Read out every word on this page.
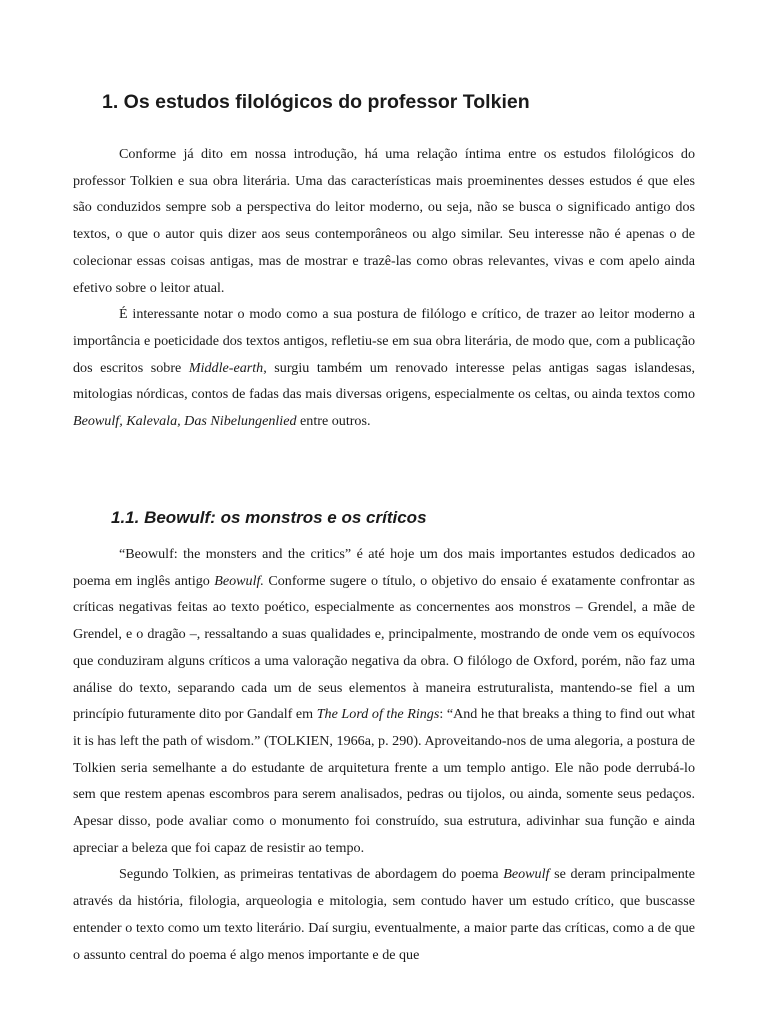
1. Os estudos filológicos do professor Tolkien

Conforme já dito em nossa introdução, há uma relação íntima entre os estudos filológicos do professor Tolkien e sua obra literária. Uma das características mais proeminentes desses estudos é que eles são conduzidos sempre sob a perspectiva do leitor moderno, ou seja, não se busca o significado antigo dos textos, o que o autor quis dizer aos seus contemporâneos ou algo similar. Seu interesse não é apenas o de colecionar essas coisas antigas, mas de mostrar e trazê-las como obras relevantes, vivas e com apelo ainda efetivo sobre o leitor atual.

É interessante notar o modo como a sua postura de filólogo e crítico, de trazer ao leitor moderno a importância e poeticidade dos textos antigos, refletiu-se em sua obra literária, de modo que, com a publicação dos escritos sobre Middle-earth, surgiu também um renovado interesse pelas antigas sagas islandesas, mitologias nórdicas, contos de fadas das mais diversas origens, especialmente os celtas, ou ainda textos como Beowulf, Kalevala, Das Nibelungenlied entre outros.

1.1. Beowulf: os monstros e os críticos

“Beowulf: the monsters and the critics” é até hoje um dos mais importantes estudos dedicados ao poema em inglês antigo Beowulf. Conforme sugere o título, o objetivo do ensaio é exatamente confrontar as críticas negativas feitas ao texto poético, especialmente as concernentes aos monstros – Grendel, a mãe de Grendel, e o dragão –, ressaltando a suas qualidades e, principalmente, mostrando de onde vem os equívocos que conduziram alguns críticos a uma valoração negativa da obra. O filólogo de Oxford, porém, não faz uma análise do texto, separando cada um de seus elementos à maneira estruturalista, mantendo-se fiel a um princípio futuramente dito por Gandalf em The Lord of the Rings: “And he that breaks a thing to find out what it is has left the path of wisdom.” (TOLKIEN, 1966a, p. 290). Aproveitando-nos de uma alegoria, a postura de Tolkien seria semelhante a do estudante de arquitetura frente a um templo antigo. Ele não pode derrubá-lo sem que restem apenas escombros para serem analisados, pedras ou tijolos, ou ainda, somente seus pedaços. Apesar disso, pode avaliar como o monumento foi construído, sua estrutura, adivinhar sua função e ainda apreciar a beleza que foi capaz de resistir ao tempo.

Segundo Tolkien, as primeiras tentativas de abordagem do poema Beowulf se deram principalmente através da história, filologia, arqueologia e mitologia, sem contudo haver um estudo crítico, que buscasse entender o texto como um texto literário. Daí surgiu, eventualmente, a maior parte das críticas, como a de que o assunto central do poema é algo menos importante e de que
